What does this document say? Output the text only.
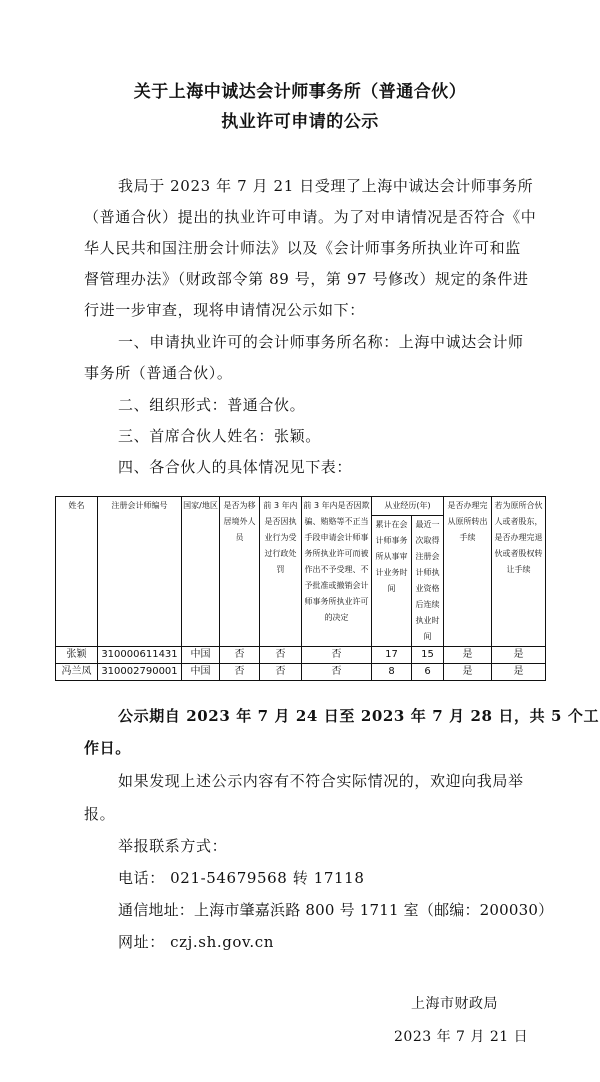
关于上海中诚达会计师事务所（普通合伙）
执业许可申请的公示
我局于 2023 年 7 月 21 日受理了上海中诚达会计师事务所
（普通合伙）提出的执业许可申请。为了对申请情况是否符合《中
华人民共和国注册会计师法》以及《会计师事务所执业许可和监
督管理办法》（财政部令第 89 号，第 97 号修改）规定的条件进
行进一步审查，现将申请情况公示如下：
一、申请执业许可的会计师事务所名称：上海中诚达会计师
事务所（普通合伙）。
二、组织形式：普通合伙。
三、首席合伙人姓名：张颖。
四、各合伙人的具体情况见下表：
姓名	注册会计师编号	国家/地区	是否为移居境外人员	前 3 年内是否因执业行为受过行政处罚	前 3 年内是否因欺骗、贿赂等不正当手段申请会计师事务所执业许可而被作出不予受理、不予批准或撤销会计师事务所执业许可的决定	从业经历(年)		是否办理完从原所转出手续	若为原所合伙人或者股东，是否办理完退伙或者股权转让手续
						累计在会计师事务所从事审计业务时间	最近一次取得注册会计师执业资格后连续执业时间		
张颖	310000611431	中国	否	否	否	17	15	是	是
冯兰凤	310002790001	中国	否	否	否	8	6	是	是
公示期自 2023 年 7 月 24 日至 2023 年 7 月 28 日，共 5 个工
作日。
如果发现上述公示内容有不符合实际情况的，欢迎向我局举
报。
举报联系方式：
电话： 021-54679568 转 17118
通信地址：上海市肇嘉浜路 800 号 1711 室（邮编：200030）
网址： czj.sh.gov.cn
上海市财政局
2023 年 7 月 21 日
